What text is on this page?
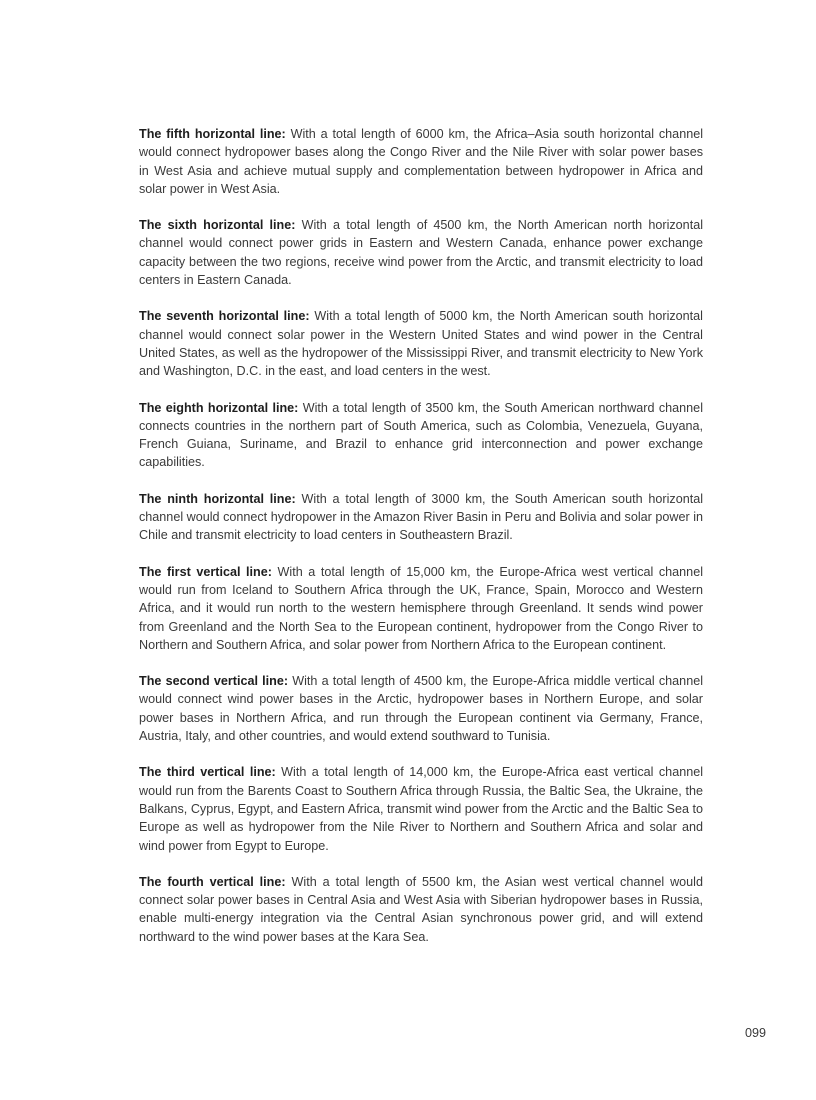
The fifth horizontal line: With a total length of 6000 km, the Africa–Asia south horizontal channel would connect hydropower bases along the Congo River and the Nile River with solar power bases in West Asia and achieve mutual supply and complementation between hydropower in Africa and solar power in West Asia.

The sixth horizontal line: With a total length of 4500 km, the North American north horizontal channel would connect power grids in Eastern and Western Canada, enhance power exchange capacity between the two regions, receive wind power from the Arctic, and transmit electricity to load centers in Eastern Canada.

The seventh horizontal line: With a total length of 5000 km, the North American south horizontal channel would connect solar power in the Western United States and wind power in the Central United States, as well as the hydropower of the Mississippi River, and transmit electricity to New York and Washington, D.C. in the east, and load centers in the west.

The eighth horizontal line: With a total length of 3500 km, the South American northward channel connects countries in the northern part of South America, such as Colombia, Venezuela, Guyana, French Guiana, Suriname, and Brazil to enhance grid interconnection and power exchange capabilities.

The ninth horizontal line: With a total length of 3000 km, the South American south horizontal channel would connect hydropower in the Amazon River Basin in Peru and Bolivia and solar power in Chile and transmit electricity to load centers in Southeastern Brazil.

The first vertical line: With a total length of 15,000 km, the Europe-Africa west vertical channel would run from Iceland to Southern Africa through the UK, France, Spain, Morocco and Western Africa, and it would run north to the western hemisphere through Greenland. It sends wind power from Greenland and the North Sea to the European continent, hydropower from the Congo River to Northern and Southern Africa, and solar power from Northern Africa to the European continent.

The second vertical line: With a total length of 4500 km, the Europe-Africa middle vertical channel would connect wind power bases in the Arctic, hydropower bases in Northern Europe, and solar power bases in Northern Africa, and run through the European continent via Germany, France, Austria, Italy, and other countries, and would extend southward to Tunisia.

The third vertical line: With a total length of 14,000 km, the Europe-Africa east vertical channel would run from the Barents Coast to Southern Africa through Russia, the Baltic Sea, the Ukraine, the Balkans, Cyprus, Egypt, and Eastern Africa, transmit wind power from the Arctic and the Baltic Sea to Europe as well as hydropower from the Nile River to Northern and Southern Africa and solar and wind power from Egypt to Europe.

The fourth vertical line: With a total length of 5500 km, the Asian west vertical channel would connect solar power bases in Central Asia and West Asia with Siberian hydropower bases in Russia, enable multi-energy integration via the Central Asian synchronous power grid, and will extend northward to the wind power bases at the Kara Sea.

099
